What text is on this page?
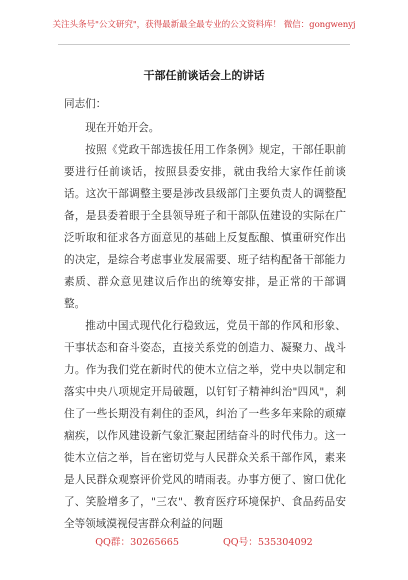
关注头条号"公文研究"，获得最新最全最专业的公文资料库！ 微信：gongwenyj
干部任前谈话会上的讲话
同志们：

现在开始开会。

按照《党政干部选拔任用工作条例》规定，干部任职前要进行任前谈话，按照县委安排，就由我给大家作任前谈话。这次干部调整主要是涉改县级部门主要负责人的调整配备，是县委着眼于全县领导班子和干部队伍建设的实际在广泛听取和征求各方面意见的基础上反复酝酿、慎重研究作出的决定，是综合考虑事业发展需要、班子结构配备干部能力素质、群众意见建议后作出的统筹安排，是正常的干部调整。

推动中国式现代化行稳致远，党员干部的作风和形象、干事状态和奋斗姿态，直接关系党的创造力、凝聚力、战斗力。作为我们党在新时代的使木立信之举，党中央以制定和落实中央八项规定开局破题，以钉钉子精神纠治"四风"，剎住了一些长期没有剎住的歪风，纠治了一些多年来除的顽瘴痼疾，以作风建设新气象汇聚起团结奋斗的时代伟力。这一徙木立信之举，旨在密切党与人民群众关系干部作风，素来是人民群众观察评价党风的晴雨表。办事方便了、窗口优化了、笑脸增多了，"三农"、教育医疗环境保护、食品药品安全等领域漠视侵害群众利益的问题

QQ群：30265665	QQ号：535304092
